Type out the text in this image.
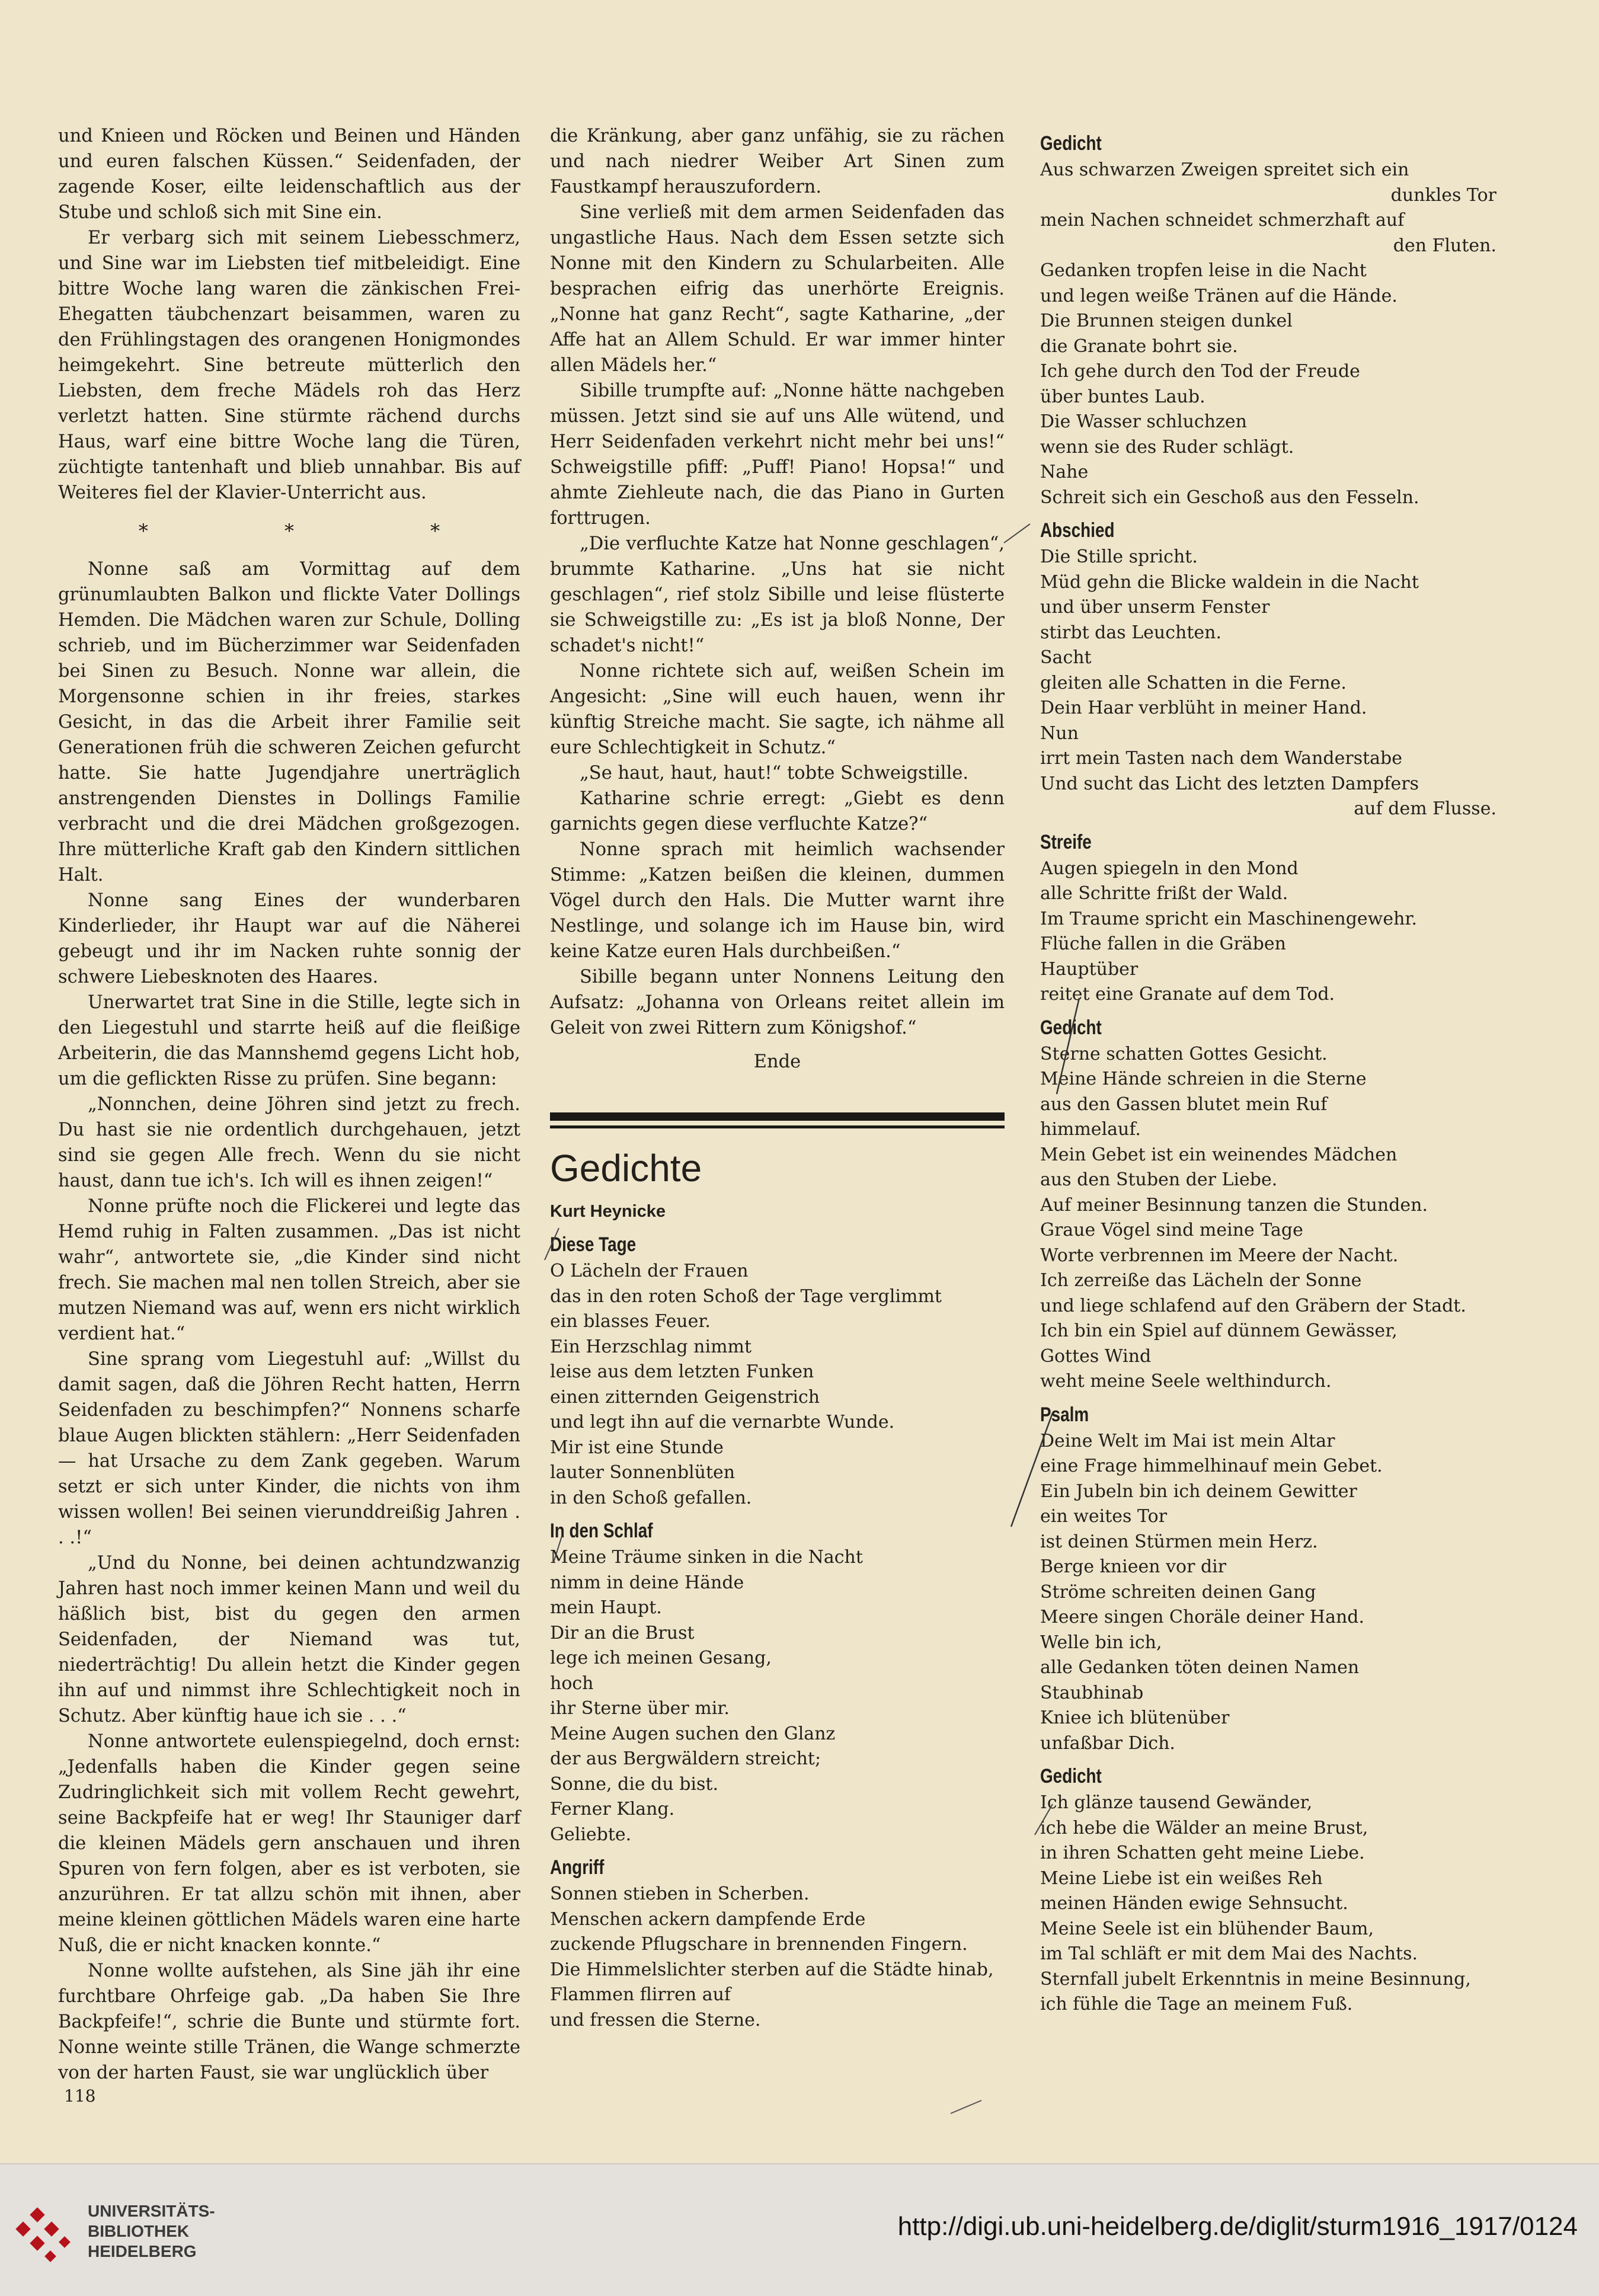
und Knieen und Röcken und Beinen und Händen und euren falschen Küssen.“ Seidenfaden, der zagende Koser, eilte leidenschaftlich aus der Stube und schloß sich mit Sine ein.

Er verbarg sich mit seinem Liebesschmerz, und Sine war im Liebsten tief mitbeleidigt. Eine bittre Woche lang waren die zänkischen Frei-Ehegatten täubchenzart beisammen, waren zu den Frühlingstagen des orangenen Honigmondes heimgekehrt. Sine betreute mütterlich den Liebsten, dem freche Mädels roh das Herz verletzt hatten. Sine stürmte rächend durchs Haus, warf eine bittre Woche lang die Türen, züchtigte tantenhaft und blieb unnahbar. Bis auf Weiteres fiel der Klavier-Unterricht aus.

* * *

Nonne saß am Vormittag auf dem grünumlaubten Balkon und flickte Vater Dollings Hemden. Die Mädchen waren zur Schule, Dolling schrieb, und im Bücherzimmer war Seidenfaden bei Sinen zu Besuch. Nonne war allein, die Morgensonne schien in ihr freies, starkes Gesicht, in das die Arbeit ihrer Familie seit Generationen früh die schweren Zeichen gefurcht hatte. Sie hatte Jugendjahre unerträglich anstrengenden Dienstes in Dollings Familie verbracht und die drei Mädchen großgezogen. Ihre mütterliche Kraft gab den Kindern sittlichen Halt.

Nonne sang Eines der wunderbaren Kinderlieder, ihr Haupt war auf die Näherei gebeugt und ihr im Nacken ruhte sonnig der schwere Liebesknoten des Haares.

Unerwartet trat Sine in die Stille, legte sich in den Liegestuhl und starrte heiß auf die fleißige Arbeiterin, die das Mannshemd gegens Licht hob, um die geflickten Risse zu prüfen. Sine begann:

„Nonnchen, deine Jöhren sind jetzt zu frech. Du hast sie nie ordentlich durchgehauen, jetzt sind sie gegen Alle frech. Wenn du sie nicht haust, dann tue ich's. Ich will es ihnen zeigen!“

Nonne prüfte noch die Flickerei und legte das Hemd ruhig in Falten zusammen. „Das ist nicht wahr“, antwortete sie, „die Kinder sind nicht frech. Sie machen mal nen tollen Streich, aber sie mutzen Niemand was auf, wenn ers nicht wirklich verdient hat.“

Sine sprang vom Liegestuhl auf: „Willst du damit sagen, daß die Jöhren Recht hatten, Herrn Seidenfaden zu beschimpfen?“ Nonnens scharfe blaue Augen blickten stählern: „Herr Seidenfaden — hat Ursache zu dem Zank gegeben. Warum setzt er sich unter Kinder, die nichts von ihm wissen wollen! Bei seinen vierunddreißig Jahren . . .!“

„Und du Nonne, bei deinen achtundzwanzig Jahren hast noch immer keinen Mann und weil du häßlich bist, bist du gegen den armen Seidenfaden, der Niemand was tut, niederträchtig! Du allein hetzt die Kinder gegen ihn auf und nimmst ihre Schlechtigkeit noch in Schutz. Aber künftig haue ich sie . . .“

Nonne antwortete eulenspiegelnd, doch ernst: „Jedenfalls haben die Kinder gegen seine Zudringlichkeit sich mit vollem Recht gewehrt, seine Backpfeife hat er weg! Ihr Stauniger darf die kleinen Mädels gern anschauen und ihren Spuren von fern folgen, aber es ist verboten, sie anzurühren. Er tat allzu schön mit ihnen, aber meine kleinen göttlichen Mädels waren eine harte Nuß, die er nicht knacken konnte.“

Nonne wollte aufstehen, als Sine jäh ihr eine furchtbare Ohrfeige gab. „Da haben Sie Ihre Backpfeife!“, schrie die Bunte und stürmte fort. Nonne weinte stille Tränen, die Wange schmerzte von der harten Faust, sie war unglücklich über

die Kränkung, aber ganz unfähig, sie zu rächen und nach niedrer Weiber Art Sinen zum Faustkampf herauszufordern.

Sine verließ mit dem armen Seidenfaden das ungastliche Haus. Nach dem Essen setzte sich Nonne mit den Kindern zu Schularbeiten. Alle besprachen eifrig das unerhörte Ereignis. „Nonne hat ganz Recht“, sagte Katharine, „der Affe hat an Allem Schuld. Er war immer hinter allen Mädels her.“

Sibille trumpfte auf: „Nonne hätte nachgeben müssen. Jetzt sind sie auf uns Alle wütend, und Herr Seidenfaden verkehrt nicht mehr bei uns!“ Schweigstille pfiff: „Puff! Piano! Hopsa!“ und ahmte Ziehleute nach, die das Piano in Gurten forttrugen.

„Die verfluchte Katze hat Nonne geschlagen“, brummte Katharine. „Uns hat sie nicht geschlagen“, rief stolz Sibille und leise flüsterte sie Schweigstille zu: „Es ist ja bloß Nonne, Der schadet's nicht!“

Nonne richtete sich auf, weißen Schein im Angesicht: „Sine will euch hauen, wenn ihr künftig Streiche macht. Sie sagte, ich nähme all eure Schlechtigkeit in Schutz.“

„Se haut, haut, haut!“ tobte Schweigstille.

Katharine schrie erregt: „Giebt es denn garnichts gegen diese verfluchte Katze?“

Nonne sprach mit heimlich wachsender Stimme: „Katzen beißen die kleinen, dummen Vögel durch den Hals. Die Mutter warnt ihre Nestlinge, und solange ich im Hause bin, wird keine Katze euren Hals durchbeißen.“

Sibille begann unter Nonnens Leitung den Aufsatz: „Johanna von Orleans reitet allein im Geleit von zwei Rittern zum Königshof.“

Ende
Gedichte
Kurt Heynicke
Diese Tage
O Lächeln der Frauen
das in den roten Schoß der Tage verglimmt
ein blasses Feuer.
Ein Herzschlag nimmt
leise aus dem letzten Funken
einen zitternden Geigenstrich
und legt ihn auf die vernarbte Wunde.
Mir ist eine Stunde
lauter Sonnenblüten
in den Schoß gefallen.
In den Schlaf
Meine Träume sinken in die Nacht
nimm in deine Hände
mein Haupt.
Dir an die Brust
lege ich meinen Gesang,
hoch
ihr Sterne über mir.
Meine Augen suchen den Glanz
der aus Bergwäldern streicht;
Sonne, die du bist.
Ferner Klang.
Geliebte.
Angriff
Sonnen stieben in Scherben.
Menschen ackern dampfende Erde
zuckende Pflugschare in brennenden Fingern.
Die Himmelslichter sterben auf die Städte hinab,
Flammen flirren auf
und fressen die Sterne.
Gedicht
Aus schwarzen Zweigen spreitet sich ein
dunkles Tor
mein Nachen schneidet schmerzhaft auf
den Fluten.
Gedanken tropfen leise in die Nacht
und legen weiße Tränen auf die Hände.
Die Brunnen steigen dunkel
die Granate bohrt sie.
Ich gehe durch den Tod der Freude
über buntes Laub.
Die Wasser schluchzen
wenn sie des Ruder schlägt.
Nahe
Schreit sich ein Geschoß aus den Fesseln.
Abschied
Die Stille spricht.
Müd gehn die Blicke waldein in die Nacht
und über unserm Fenster
stirbt das Leuchten.
Sacht
gleiten alle Schatten in die Ferne.
Dein Haar verblüht in meiner Hand.
Nun
irrt mein Tasten nach dem Wanderstabe
Und sucht das Licht des letzten Dampfers
auf dem Flusse.
Streife
Augen spiegeln in den Mond
alle Schritte frißt der Wald.
Im Traume spricht ein Maschinengewehr.
Flüche fallen in die Gräben
Hauptüber
reitet eine Granate auf dem Tod.
Gedicht
Sterne schatten Gottes Gesicht.
Meine Hände schreien in die Sterne
aus den Gassen blutet mein Ruf
himmelauf.
Mein Gebet ist ein weinendes Mädchen
aus den Stuben der Liebe.
Auf meiner Besinnung tanzen die Stunden.
Graue Vögel sind meine Tage
Worte verbrennen im Meere der Nacht.
Ich zerreiße das Lächeln der Sonne
und liege schlafend auf den Gräbern der Stadt.
Ich bin ein Spiel auf dünnem Gewässer,
Gottes Wind
weht meine Seele welthindurch.
Psalm
Deine Welt im Mai ist mein Altar
eine Frage himmelhinauf mein Gebet.
Ein Jubeln bin ich deinem Gewitter
ein weites Tor
ist deinen Stürmen mein Herz.
Berge knieen vor dir
Ströme schreiten deinen Gang
Meere singen Choräle deiner Hand.
Welle bin ich,
alle Gedanken töten deinen Namen
Staubhinab
Kniee ich blütenüber
unfaßbar Dich.
Gedicht
Ich glänze tausend Gewänder,
ich hebe die Wälder an meine Brust,
in ihren Schatten geht meine Liebe.
Meine Liebe ist ein weißes Reh
meinen Händen ewige Sehnsucht.
Meine Seele ist ein blühender Baum,
im Tal schläft er mit dem Mai des Nachts.
Sternfall jubelt Erkenntnis in meine Besinnung,
ich fühle die Tage an meinem Fuß.
118
UNIVERSITÄTS-
BIBLIOTHEK
HEIDELBERG
http://digi.ub.uni-heidelberg.de/diglit/sturm1916_1917/0124
